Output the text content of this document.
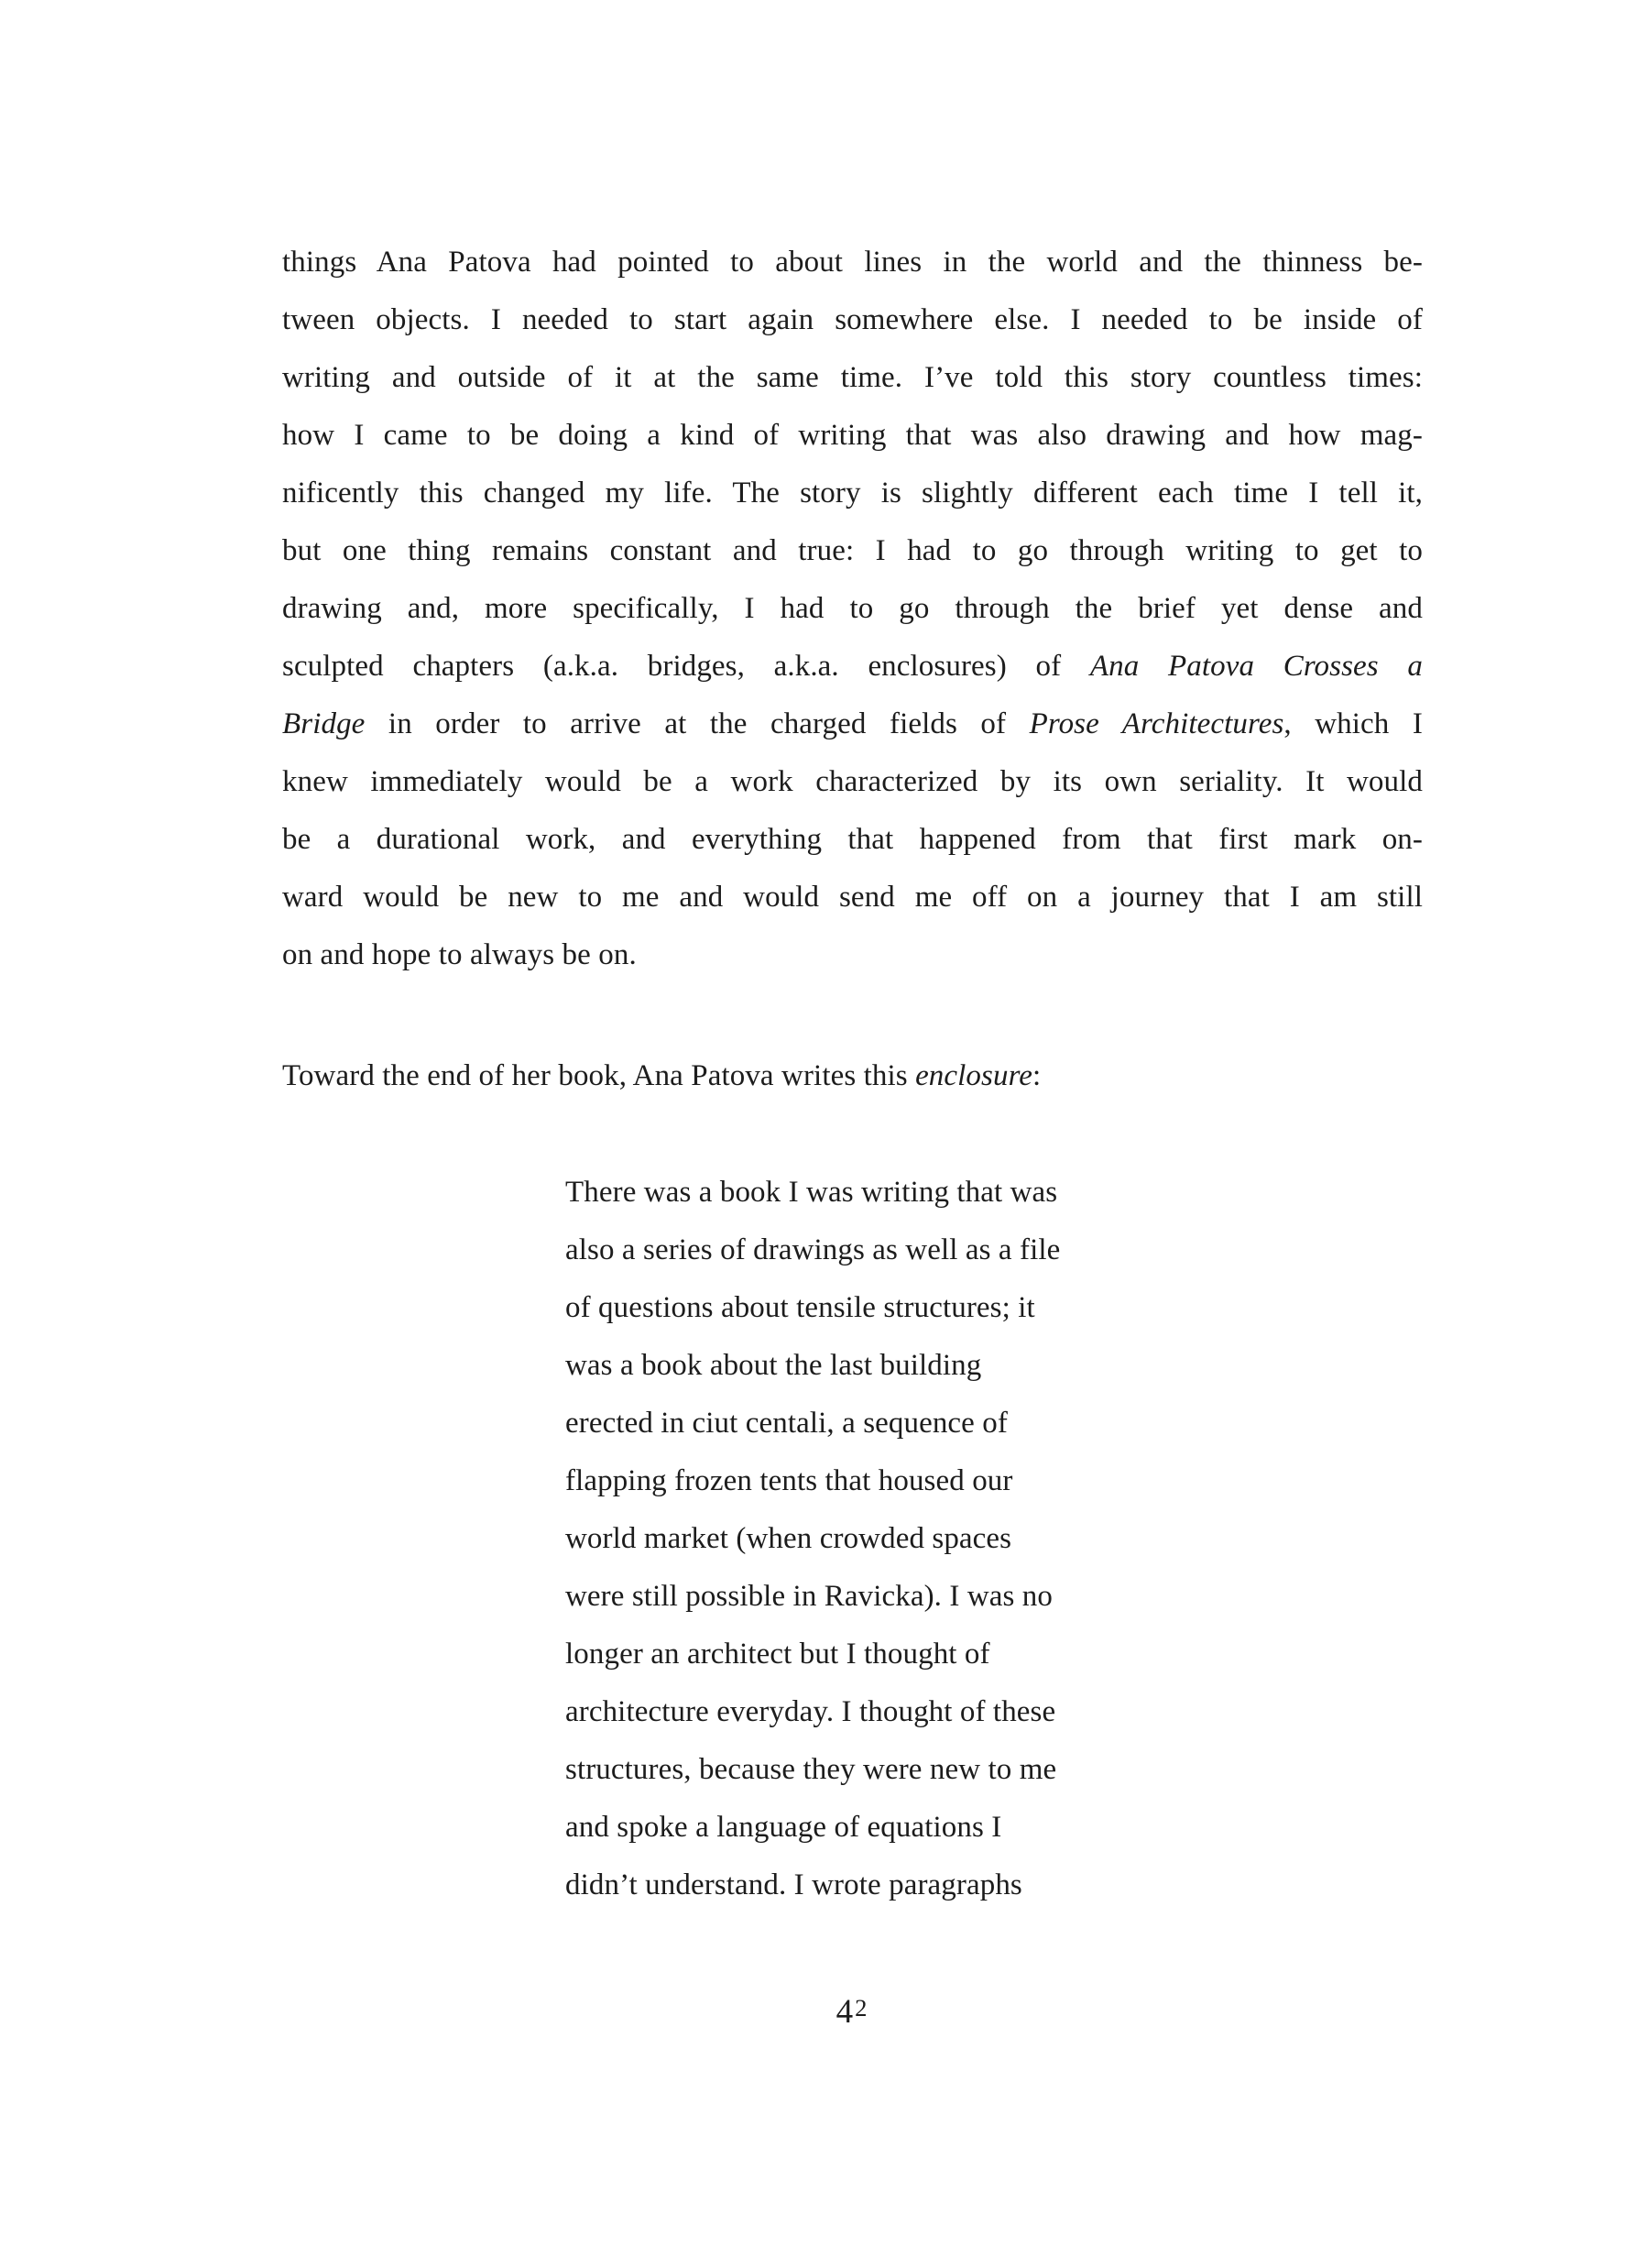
things Ana Patova had pointed to about lines in the world and the thinness be-
tween objects. I needed to start again somewhere else. I needed to be inside of
writing and outside of it at the same time. I’ve told this story countless times:
how I came to be doing a kind of writing that was also drawing and how mag-
nificently this changed my life. The story is slightly different each time I tell it,
but one thing remains constant and true: I had to go through writing to get to
drawing and, more specifically, I had to go through the brief yet dense and
sculpted chapters (a.k.a. bridges, a.k.a. enclosures) of Ana Patova Crosses a
Bridge in order to arrive at the charged fields of Prose Architectures, which I
knew immediately would be a work characterized by its own seriality. It would
be a durational work, and everything that happened from that first mark on-
ward would be new to me and would send me off on a journey that I am still
on and hope to always be on.
Toward the end of her book, Ana Patova writes this enclosure:
There was a book I was writing that was
also a series of drawings as well as a file
of questions about tensile structures; it
was a book about the last building
erected in ciut centali, a sequence of
flapping frozen tents that housed our
world market (when crowded spaces
were still possible in Ravicka). I was no
longer an architect but I thought of
architecture everyday. I thought of these
structures, because they were new to me
and spoke a language of equations I
didn’t understand. I wrote paragraphs
42
